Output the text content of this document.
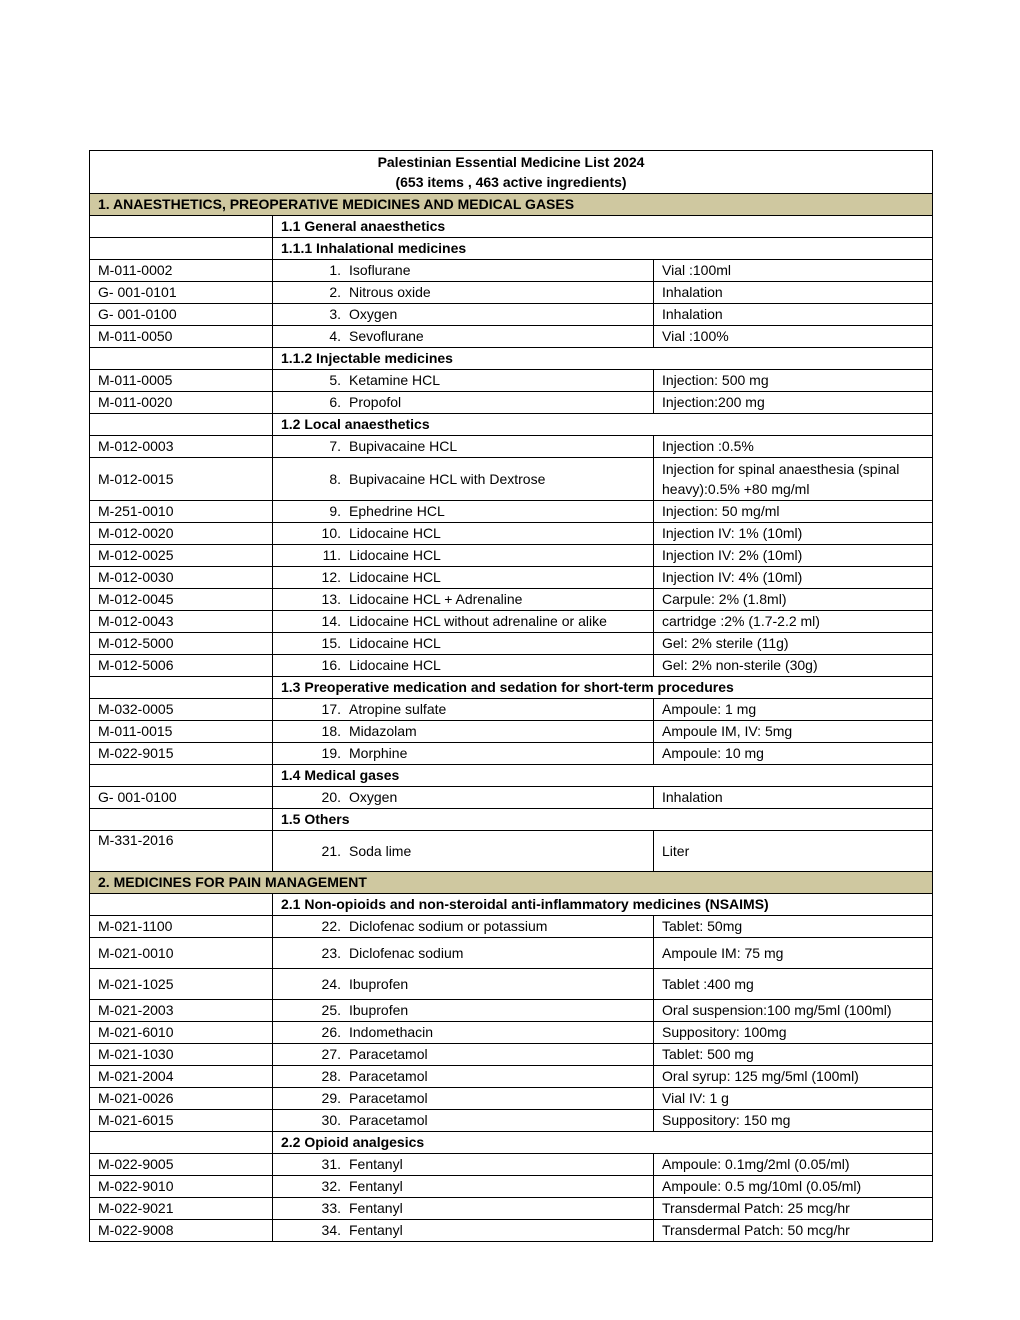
Palestinian Essential Medicine List 2024
(653 items , 463 active ingredients)		

1. ANAESTHETICS, PREOPERATIVE MEDICINES AND MEDICAL GASES		
	1.1 General anaesthetics	
	1.1.1 Inhalational medicines	
M-011-0002	1. Isoflurane	Vial :100ml
G- 001-0101	2. Nitrous oxide	Inhalation
G- 001-0100	3. Oxygen	Inhalation
M-011-0050	4. Sevoflurane	Vial :100%
	1.1.2 Injectable medicines	
M-011-0005	5. Ketamine HCL	Injection: 500 mg
M-011-0020	6. Propofol	Injection:200 mg
	1.2 Local anaesthetics	
M-012-0003	7. Bupivacaine HCL	Injection :0.5%
M-012-0015	8. Bupivacaine HCL with Dextrose	Injection for spinal anaesthesia (spinal heavy):0.5% +80 mg/ml
M-251-0010	9. Ephedrine HCL	Injection: 50 mg/ml
M-012-0020	10. Lidocaine HCL	Injection IV: 1% (10ml)
M-012-0025	11. Lidocaine HCL	Injection IV: 2% (10ml)
M-012-0030	12. Lidocaine HCL	Injection IV: 4% (10ml)
M-012-0045	13. Lidocaine HCL + Adrenaline	Carpule: 2% (1.8ml)
M-012-0043	14. Lidocaine HCL without adrenaline or alike	cartridge :2% (1.7-2.2 ml)
M-012-5000	15. Lidocaine HCL	Gel: 2% sterile (11g)
M-012-5006	16. Lidocaine HCL	Gel: 2% non-sterile (30g)
	1.3 Preoperative medication and sedation for short-term procedures	
M-032-0005	17. Atropine sulfate	Ampoule: 1 mg
M-011-0015	18. Midazolam	Ampoule IM, IV: 5mg
M-022-9015	19. Morphine	Ampoule: 10 mg
	1.4 Medical gases	
G- 001-0100	20. Oxygen	Inhalation
	1.5 Others	
M-331-2016	21. Soda lime	Liter
2. MEDICINES FOR PAIN MANAGEMENT		
	2.1 Non-opioids and non-steroidal anti-inflammatory medicines (NSAIMS)	
M-021-1100	22. Diclofenac sodium or potassium	Tablet: 50mg
M-021-0010	23. Diclofenac sodium	Ampoule IM: 75 mg
M-021-1025	24. Ibuprofen	Tablet :400 mg
M-021-2003	25. Ibuprofen	Oral suspension:100 mg/5ml (100ml)
M-021-6010	26. Indomethacin	Suppository: 100mg
M-021-1030	27. Paracetamol	Tablet: 500 mg
M-021-2004	28. Paracetamol	Oral syrup: 125 mg/5ml (100ml)
M-021-0026	29. Paracetamol	Vial IV: 1 g
M-021-6015	30. Paracetamol	Suppository: 150 mg
	2.2 Opioid analgesics	
M-022-9005	31. Fentanyl	Ampoule: 0.1mg/2ml (0.05/ml)
M-022-9010	32. Fentanyl	Ampoule: 0.5 mg/10ml (0.05/ml)
M-022-9021	33. Fentanyl	Transdermal Patch: 25 mcg/hr
M-022-9008	34. Fentanyl	Transdermal Patch: 50 mcg/hr
